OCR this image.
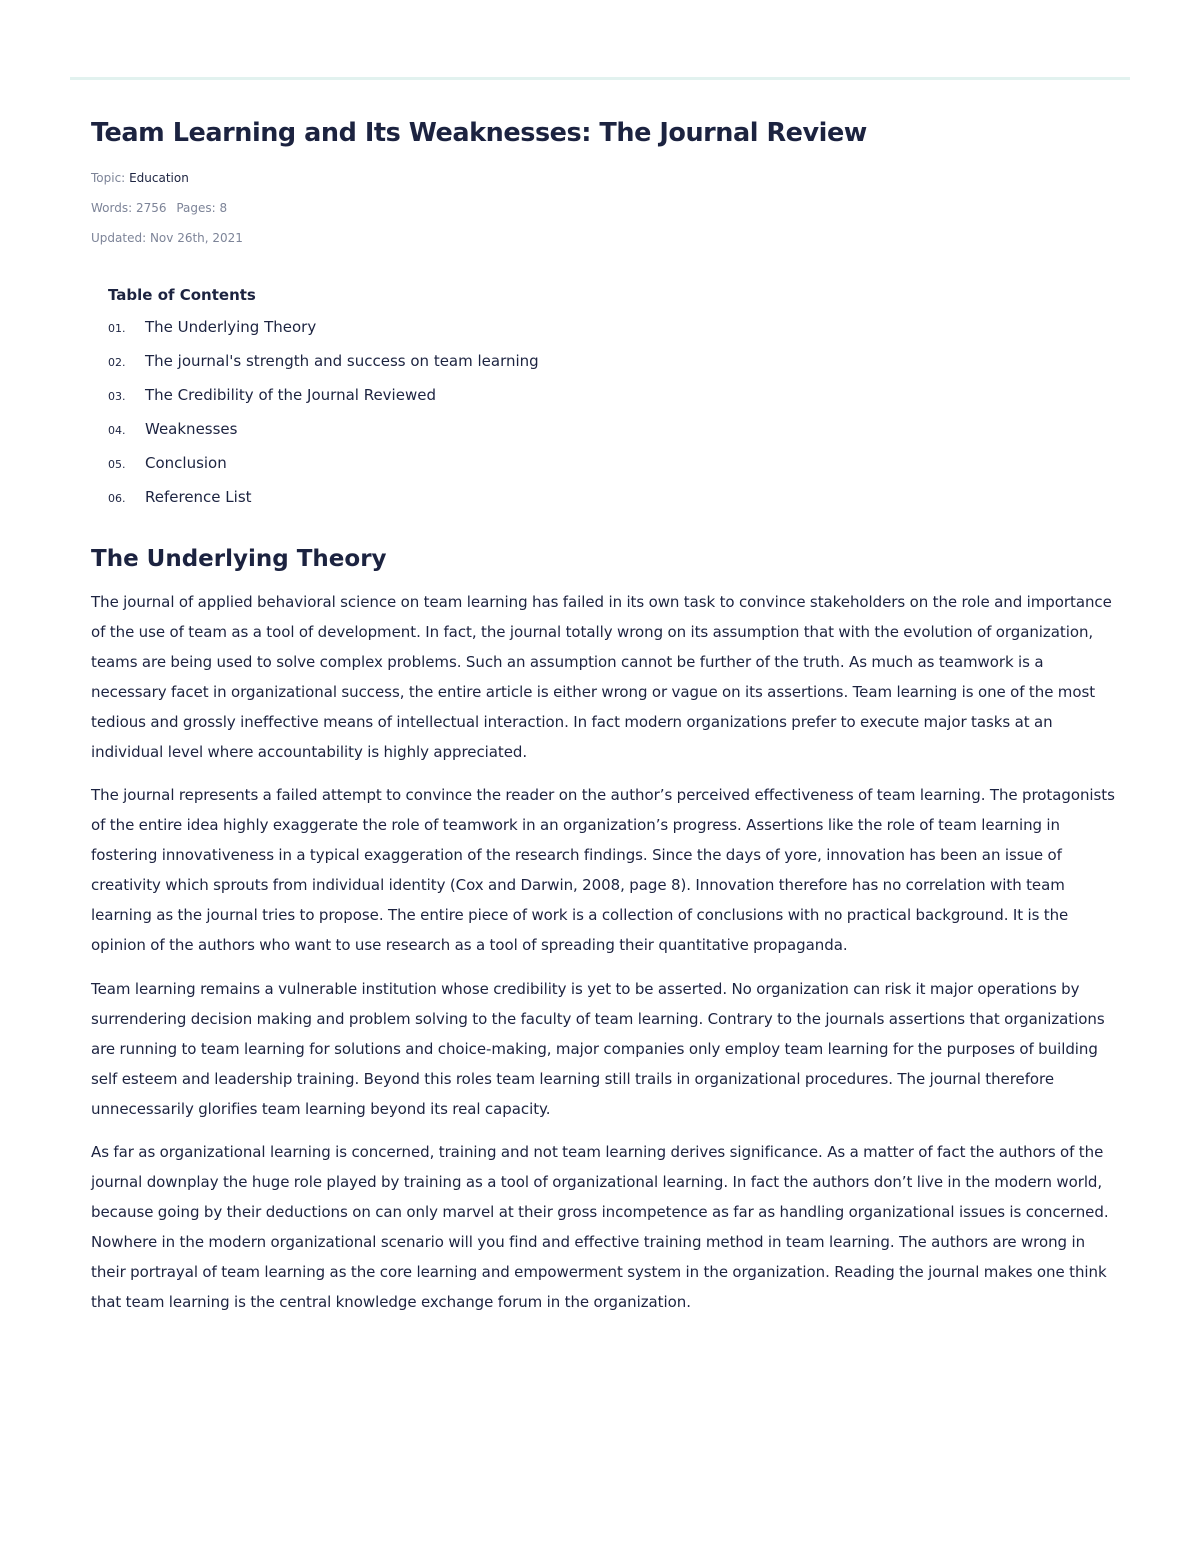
Team Learning and Its Weaknesses: The Journal Review
Topic: Education
Words: 2756 Pages: 8
Updated: Nov 26th, 2021
Table of Contents
01.	The Underlying Theory
02.	The journal's strength and success on team learning
03.	The Credibility of the Journal Reviewed
04.	Weaknesses
05.	Conclusion
06.	Reference List
The Underlying Theory

The journal of applied behavioral science on team learning has failed in its own task to convince stakeholders on the role and importance of the use of team as a tool of development. In fact, the journal totally wrong on its assumption that with the evolution of organization, teams are being used to solve complex problems. Such an assumption cannot be further of the truth. As much as teamwork is a necessary facet in organizational success, the entire article is either wrong or vague on its assertions. Team learning is one of the most tedious and grossly ineffective means of intellectual interaction. In fact modern organizations prefer to execute major tasks at an individual level where accountability is highly appreciated.

The journal represents a failed attempt to convince the reader on the author’s perceived effectiveness of team learning. The protagonists of the entire idea highly exaggerate the role of teamwork in an organization’s progress. Assertions like the role of team learning in fostering innovativeness in a typical exaggeration of the research findings. Since the days of yore, innovation has been an issue of creativity which sprouts from individual identity (Cox and Darwin, 2008, page 8). Innovation therefore has no correlation with team learning as the journal tries to propose. The entire piece of work is a collection of conclusions with no practical background. It is the opinion of the authors who want to use research as a tool of spreading their quantitative propaganda.

Team learning remains a vulnerable institution whose credibility is yet to be asserted. No organization can risk it major operations by surrendering decision making and problem solving to the faculty of team learning. Contrary to the journals assertions that organizations are running to team learning for solutions and choice-making, major companies only employ team learning for the purposes of building self esteem and leadership training. Beyond this roles team learning still trails in organizational procedures. The journal therefore unnecessarily glorifies team learning beyond its real capacity.

As far as organizational learning is concerned, training and not team learning derives significance. As a matter of fact the authors of the journal downplay the huge role played by training as a tool of organizational learning. In fact the authors don’t live in the modern world, because going by their deductions on can only marvel at their gross incompetence as far as handling organizational issues is concerned. Nowhere in the modern organizational scenario will you find and effective training method in team learning. The authors are wrong in their portrayal of team learning as the core learning and empowerment system in the organization. Reading the journal makes one think that team learning is the central knowledge exchange forum in the organization.
